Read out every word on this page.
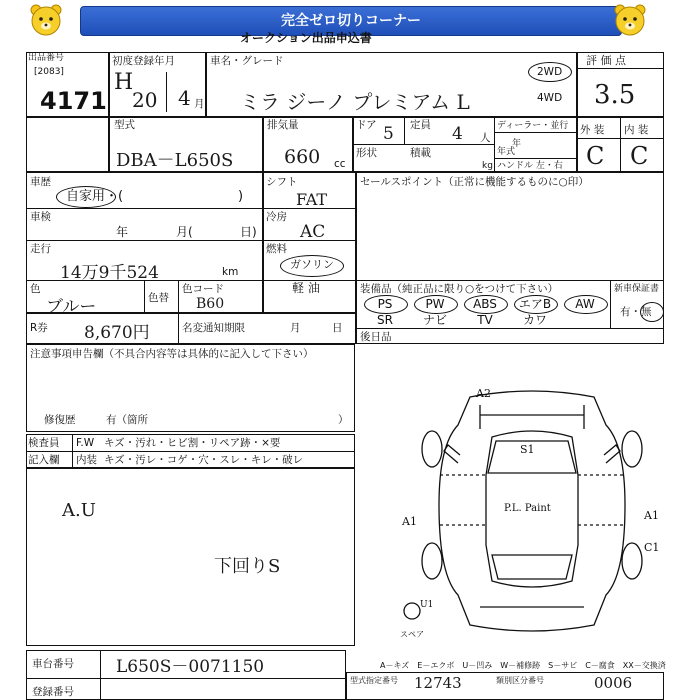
完全ゼロ切りコーナー
オークション出品申込書
出品番号
[2083]
4171
初度登録年月
H
20 4 月
車名・グレード
ミラ ジーノ プレミアム L
2WD
4WD
評 価 点
3.5
型式
DBA－L650S
排気量
660 cc
ドア 5 定員 4 人
ディーラー・並行
年
年式
ハンドル 左・右
形状	積載
kg
外 装 内 装
C C
車歴
自家用・(	)
シフト
FAT
セールスポイント（正常に機能するものに○印）
車検
年	月(	日)
冷房
AC
走行
14万9千524	km
燃料
ガソリン
軽 油
色
ブルー	色替
色コード
B60
装備品（純正品に限り○をつけて下さい）
PS	PW	ABS	エアB	AW
SR	ナビ	TV	カワ
新車保証書
有・無
R券 8,670円	名変通知期限	月	日
後日品
注意事項申告欄（不具合内容等は具体的に記入して下さい）
修復歴	有（箇所	）
検査員
記入欄
F.W キズ・汚れ・ヒビ割・リペア跡・×要
内装 キズ・汚レ・コゲ・穴・スレ・キレ・破レ
A.U
下回りS
A2
S1
P.L. Paint
A1	A1
C1
U1
スペア
A－キズ　E－エクボ　U－凹み　W－補修跡　S－サビ　C－腐食　XX－交換済
車台番号 L650S－0071150
登録番号
型式指定番号 12743	類別区分番号	0006
